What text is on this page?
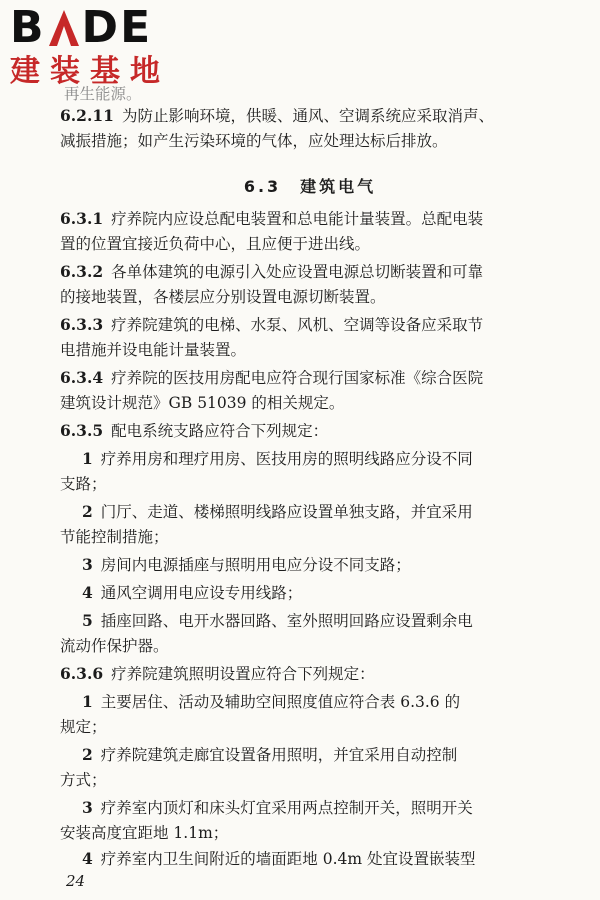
B DE
建装基地
再生能源。
6.2.11 为防止影响环境，供暖、通风、空调系统应采取消声、
减振措施；如产生污染环境的气体，应处理达标后排放。
6.3　建筑电气
6.3.1 疗养院内应设总配电装置和总电能计量装置。总配电装
置的位置宜接近负荷中心，且应便于进出线。
6.3.2 各单体建筑的电源引入处应设置电源总切断装置和可靠
的接地装置，各楼层应分别设置电源切断装置。
6.3.3 疗养院建筑的电梯、水泵、风机、空调等设备应采取节
电措施并设电能计量装置。
6.3.4 疗养院的医技用房配电应符合现行国家标准《综合医院
建筑设计规范》GB 51039 的相关规定。
6.3.5 配电系统支路应符合下列规定：
1 疗养用房和理疗用房、医技用房的照明线路应分设不同
支路；
2 门厅、走道、楼梯照明线路应设置单独支路，并宜采用
节能控制措施；
3 房间内电源插座与照明用电应分设不同支路；
4 通风空调用电应设专用线路；
5 插座回路、电开水器回路、室外照明回路应设置剩余电
流动作保护器。
6.3.6 疗养院建筑照明设置应符合下列规定：
1 主要居住、活动及辅助空间照度值应符合表 6.3.6 的
规定；
2 疗养院建筑走廊宜设置备用照明，并宜采用自动控制
方式；
3 疗养室内顶灯和床头灯宜采用两点控制开关，照明开关
安装高度宜距地 1.1m；
4 疗养室内卫生间附近的墙面距地 0.4m 处宜设置嵌装型
24
